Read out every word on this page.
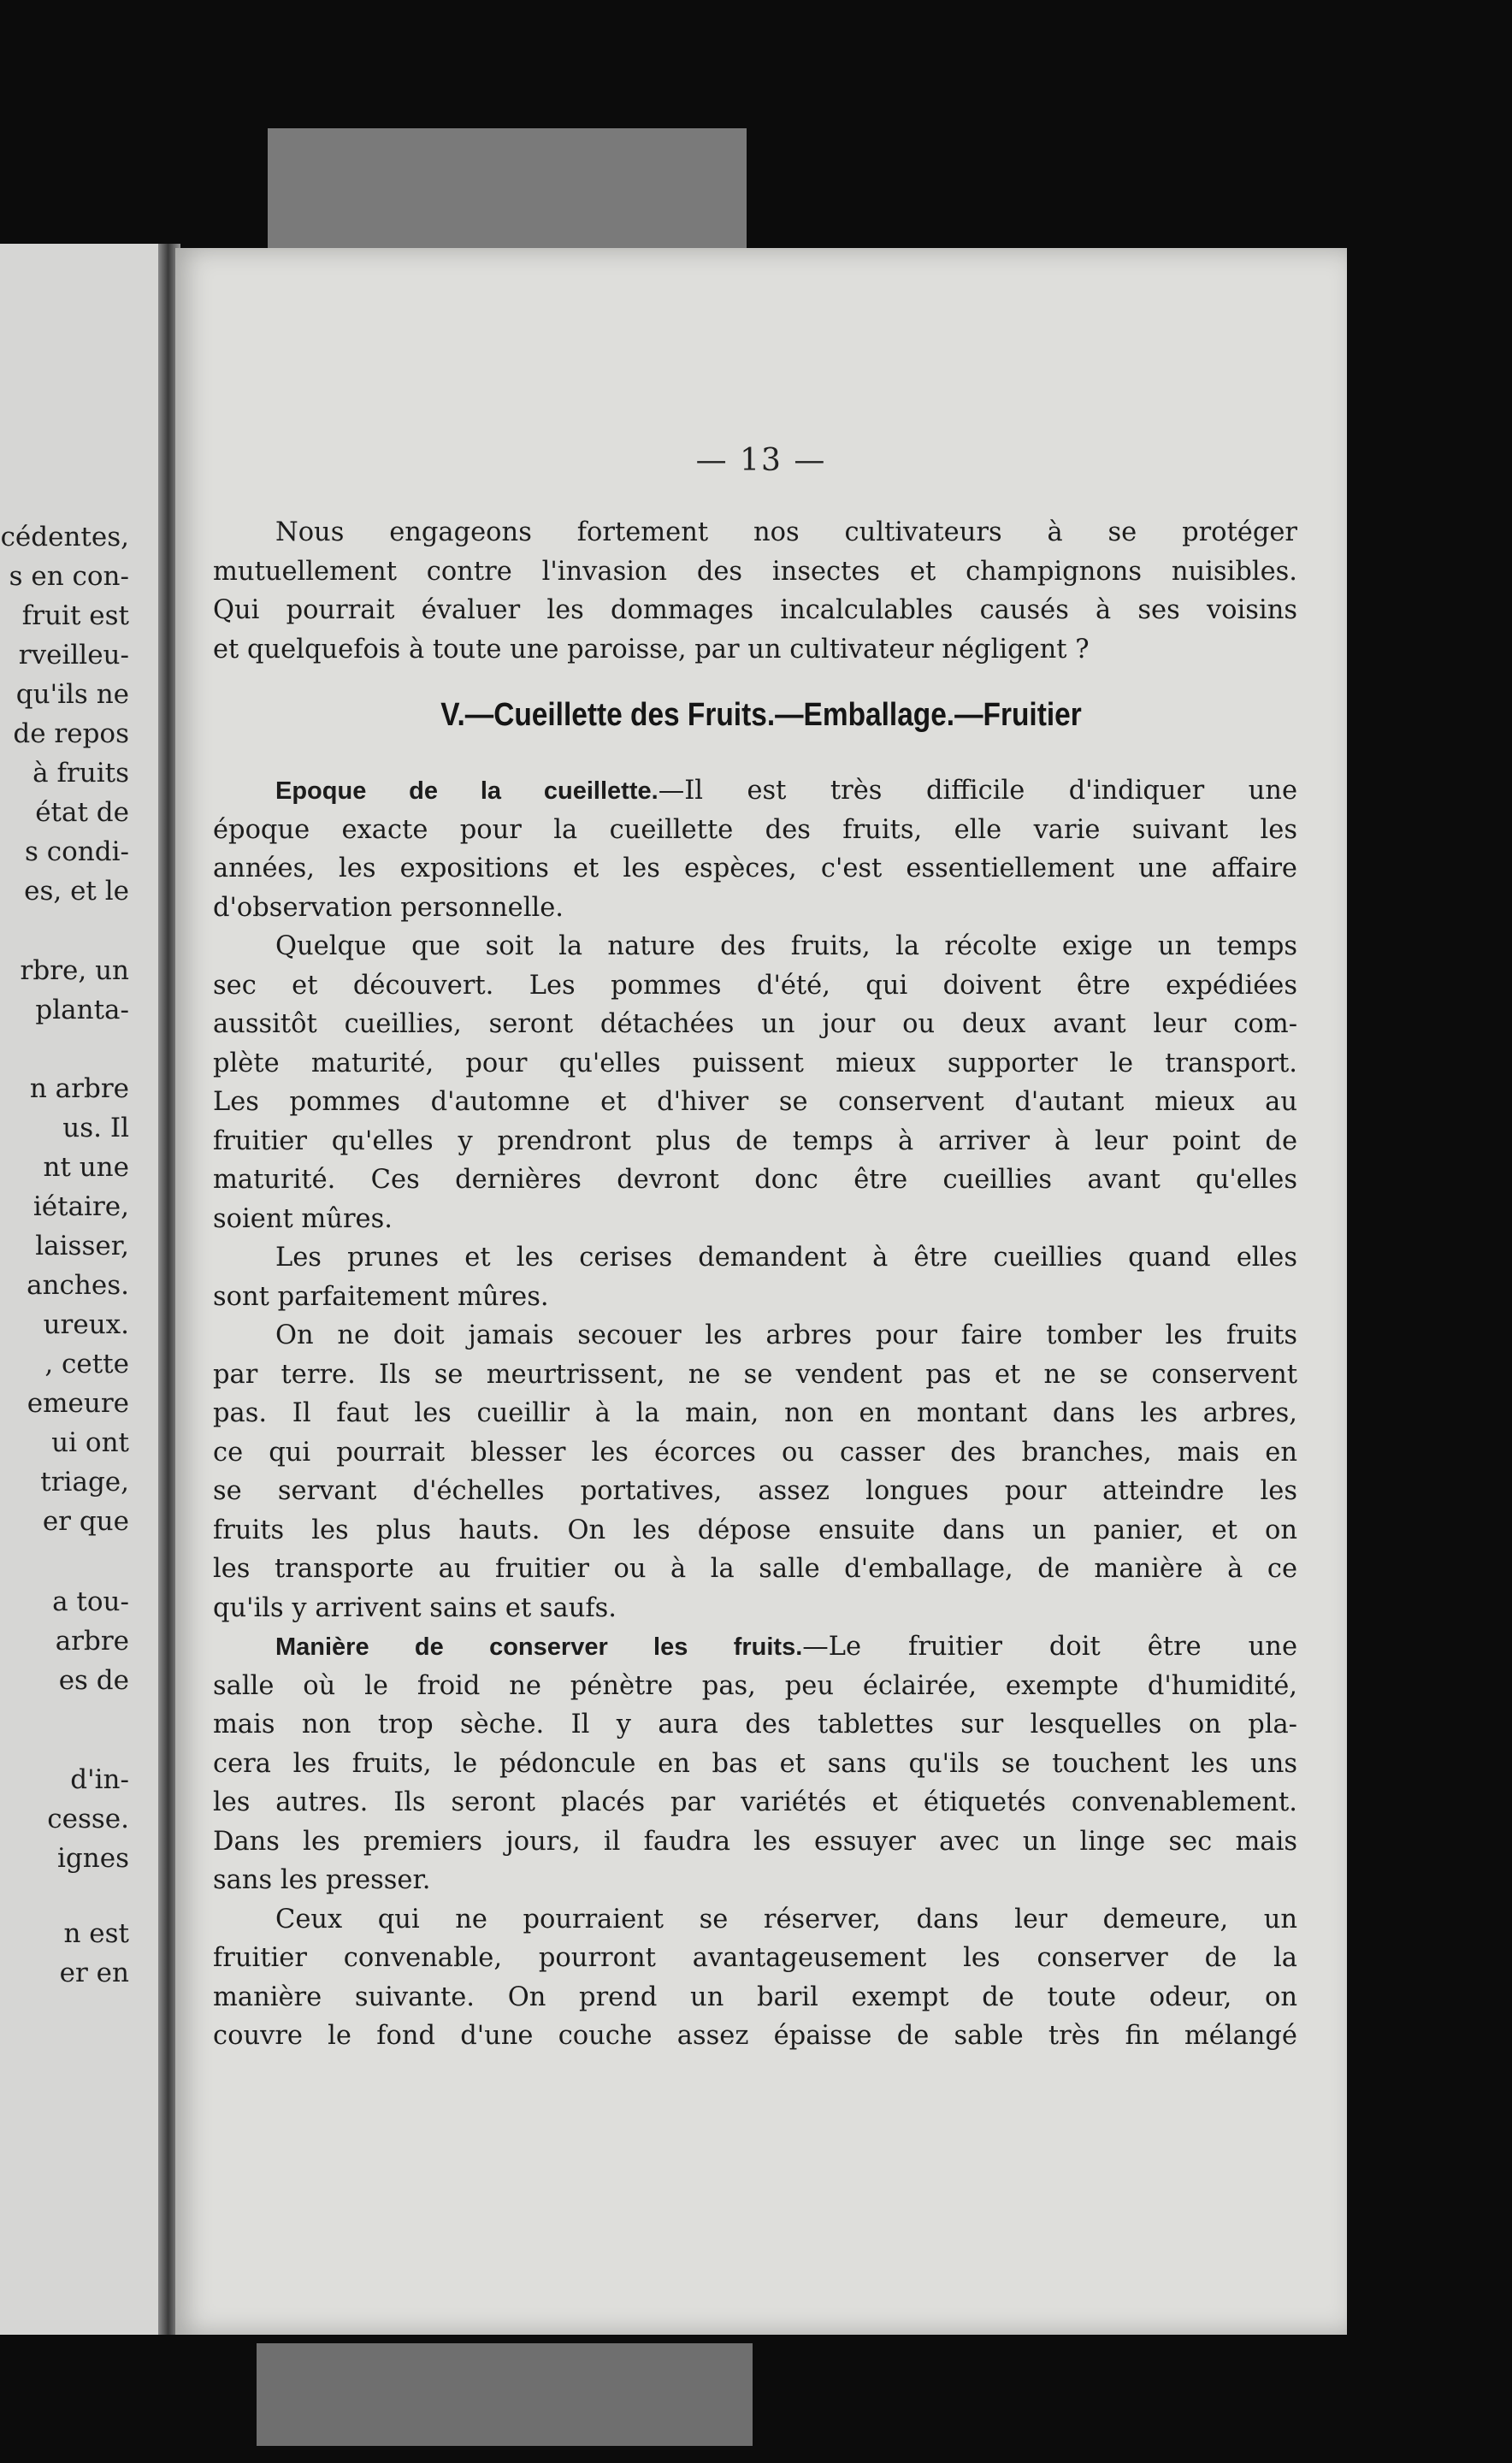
cédentes,
s en con-
fruit est
rveilleu-
qu'ils ne
de repos
à fruits
état de
s condi-
es, et le
rbre, un
planta-
n arbre
us. Il
nt une
iétaire,
laisser,
anches.
ureux.
, cette
emeure
ui ont
triage,
er que
a tou-
arbre
es de
d'in-
cesse.
ignes
n est
er en
— 13 —
Nous engageons fortement nos cultivateurs à se protéger
mutuellement contre l'invasion des insectes et champignons nuisibles.
Qui pourrait évaluer les dommages incalculables causés à ses voisins
et quelquefois à toute une paroisse, par un cultivateur négligent ?
V.—Cueillette des Fruits.—Emballage.—Fruitier
Epoque de la cueillette.—Il est très difficile d'indiquer une
époque exacte pour la cueillette des fruits, elle varie suivant les
années, les expositions et les espèces, c'est essentiellement une affaire
d'observation personnelle.
Quelque que soit la nature des fruits, la récolte exige un temps
sec et découvert. Les pommes d'été, qui doivent être expédiées
aussitôt cueillies, seront détachées un jour ou deux avant leur com-
plète maturité, pour qu'elles puissent mieux supporter le transport.
Les pommes d'automne et d'hiver se conservent d'autant mieux au
fruitier qu'elles y prendront plus de temps à arriver à leur point de
maturité. Ces dernières devront donc être cueillies avant qu'elles
soient mûres.
Les prunes et les cerises demandent à être cueillies quand elles
sont parfaitement mûres.
On ne doit jamais secouer les arbres pour faire tomber les fruits
par terre. Ils se meurtrissent, ne se vendent pas et ne se conservent
pas. Il faut les cueillir à la main, non en montant dans les arbres,
ce qui pourrait blesser les écorces ou casser des branches, mais en
se servant d'échelles portatives, assez longues pour atteindre les
fruits les plus hauts. On les dépose ensuite dans un panier, et on
les transporte au fruitier ou à la salle d'emballage, de manière à ce
qu'ils y arrivent sains et saufs.
Manière de conserver les fruits.—Le fruitier doit être une
salle où le froid ne pénètre pas, peu éclairée, exempte d'humidité,
mais non trop sèche. Il y aura des tablettes sur lesquelles on pla-
cera les fruits, le pédoncule en bas et sans qu'ils se touchent les uns
les autres. Ils seront placés par variétés et étiquetés convenablement.
Dans les premiers jours, il faudra les essuyer avec un linge sec mais
sans les presser.
Ceux qui ne pourraient se réserver, dans leur demeure, un
fruitier convenable, pourront avantageusement les conserver de la
manière suivante. On prend un baril exempt de toute odeur, on
couvre le fond d'une couche assez épaisse de sable très fin mélangé
